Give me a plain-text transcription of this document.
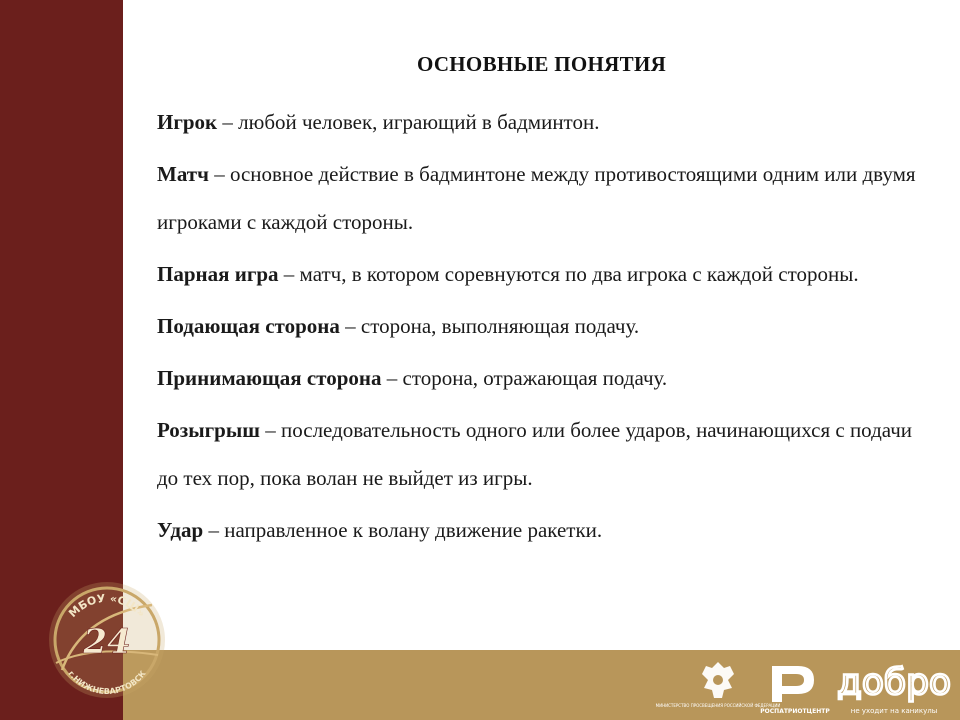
ОСНОВНЫЕ ПОНЯТИЯ

Игрок – любой человек, играющий в бадминтон.

Матч – основное действие в бадминтоне между противостоящими одним или двумя игроками с каждой стороны.

Парная игра – матч, в котором соревнуются по два игрока с каждой стороны.

Подающая сторона – сторона, выполняющая подачу.

Принимающая сторона – сторона, отражающая подачу.

Розыгрыш – последовательность одного или более ударов, начинающихся с подачи до тех пор, пока волан не выйдет из игры.

Удар – направленное к волану движение ракетки.

МБОУ «СШ»
г.НИЖНЕВАРТОВСК
24
МИНИСТЕРСТВО ПРОСВЕЩЕНИЯ РОССИЙСКОЙ ФЕДЕРАЦИИ
РОСПАТРИОТЦЕНТР
добро
не уходит на каникулы
